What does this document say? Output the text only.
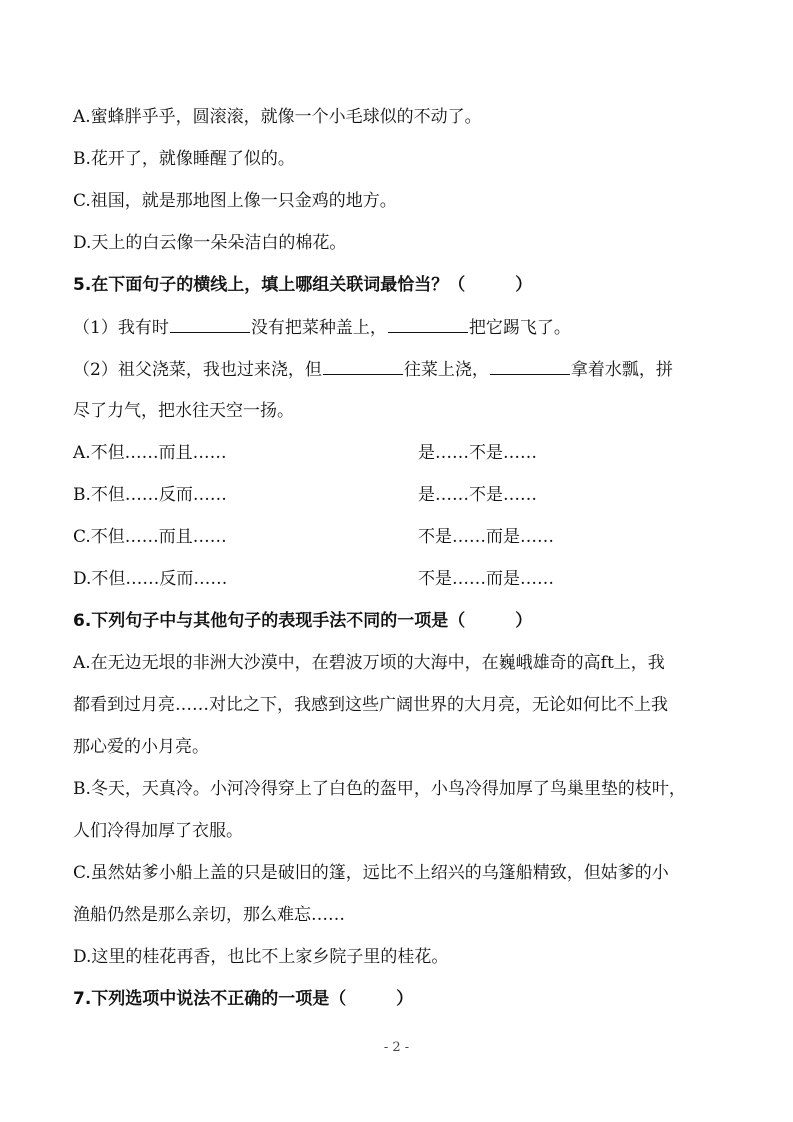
A.蜜蜂胖乎乎，圆滚滚，就像一个小毛球似的不动了。
B.花开了，就像睡醒了似的。
C.祖国，就是那地图上像一只金鸡的地方。
D.天上的白云像一朵朵洁白的棉花。
5.在下面句子的横线上，填上哪组关联词最恰当？（	）
（1）我有时	没有把菜种盖上，	把它踢飞了。
（2）祖父浇菜，我也过来浇，但	往菜上浇，	拿着水瓢，拼
尽了力气，把水往天空一扬。
A.不但……而且……	是……不是……
B.不但……反而……	是……不是……
C.不但……而且……	不是……而是……
D.不但……反而……	不是……而是……
6.下列句子中与其他句子的表现手法不同的一项是（	）
A.在无边无垠的非洲大沙漠中，在碧波万顷的大海中，在巍峨雄奇的高ft上，我
都看到过月亮……对比之下，我感到这些广阔世界的大月亮，无论如何比不上我
那心爱的小月亮。
B.冬天，天真冷。小河冷得穿上了白色的盔甲，小鸟冷得加厚了鸟巢里垫的枝叶，
人们冷得加厚了衣服。
C.虽然姑爹小船上盖的只是破旧的篷，远比不上绍兴的乌篷船精致，但姑爹的小
渔船仍然是那么亲切，那么难忘……
D.这里的桂花再香，也比不上家乡院子里的桂花。
7.下列选项中说法不正确的一项是（	）
- 2 -
